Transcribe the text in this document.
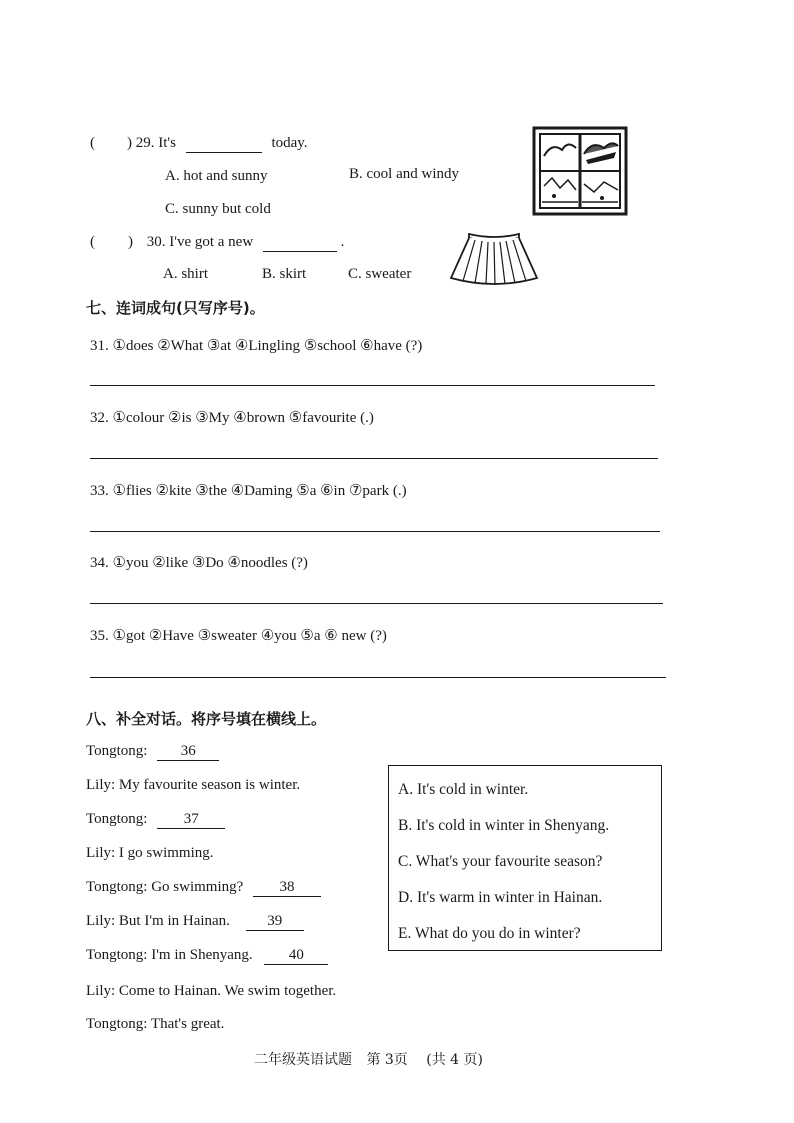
( ) 29. It's	today.
A. hot and sunny	B. cool and windy
C. sunny but cold
( ) 30. I've got a new	.
A. shirt	B. skirt	C. sweater
七、连词成句(只写序号)。
31. ①does ②What ③at ④Lingling ⑤school ⑥have (?)
32. ①colour ②is ③My ④brown ⑤favourite (.)
33. ①flies ②kite ③the ④Daming ⑤a ⑥in ⑦park (.)
34. ①you ②like ③Do ④noodles (?)
35. ①got ②Have ③sweater ④you ⑤a ⑥ new (?)
八、补全对话。将序号填在横线上。
Tongtong: 36
Lily: My favourite season is winter.
Tongtong: 37
Lily: I go swimming.
Tongtong: Go swimming? 38
Lily: But I'm in Hainan. 39
Tongtong: I'm in Shenyang. 40
Lily: Come to Hainan. We swim together.
Tongtong: That's great.
A. It's cold in winter.
B. It's cold in winter in Shenyang.
C. What's your favourite season?
D. It's warm in winter in Hainan.
E. What do you do in winter?
二年级英语试题 第 3页 (共 4 页)
